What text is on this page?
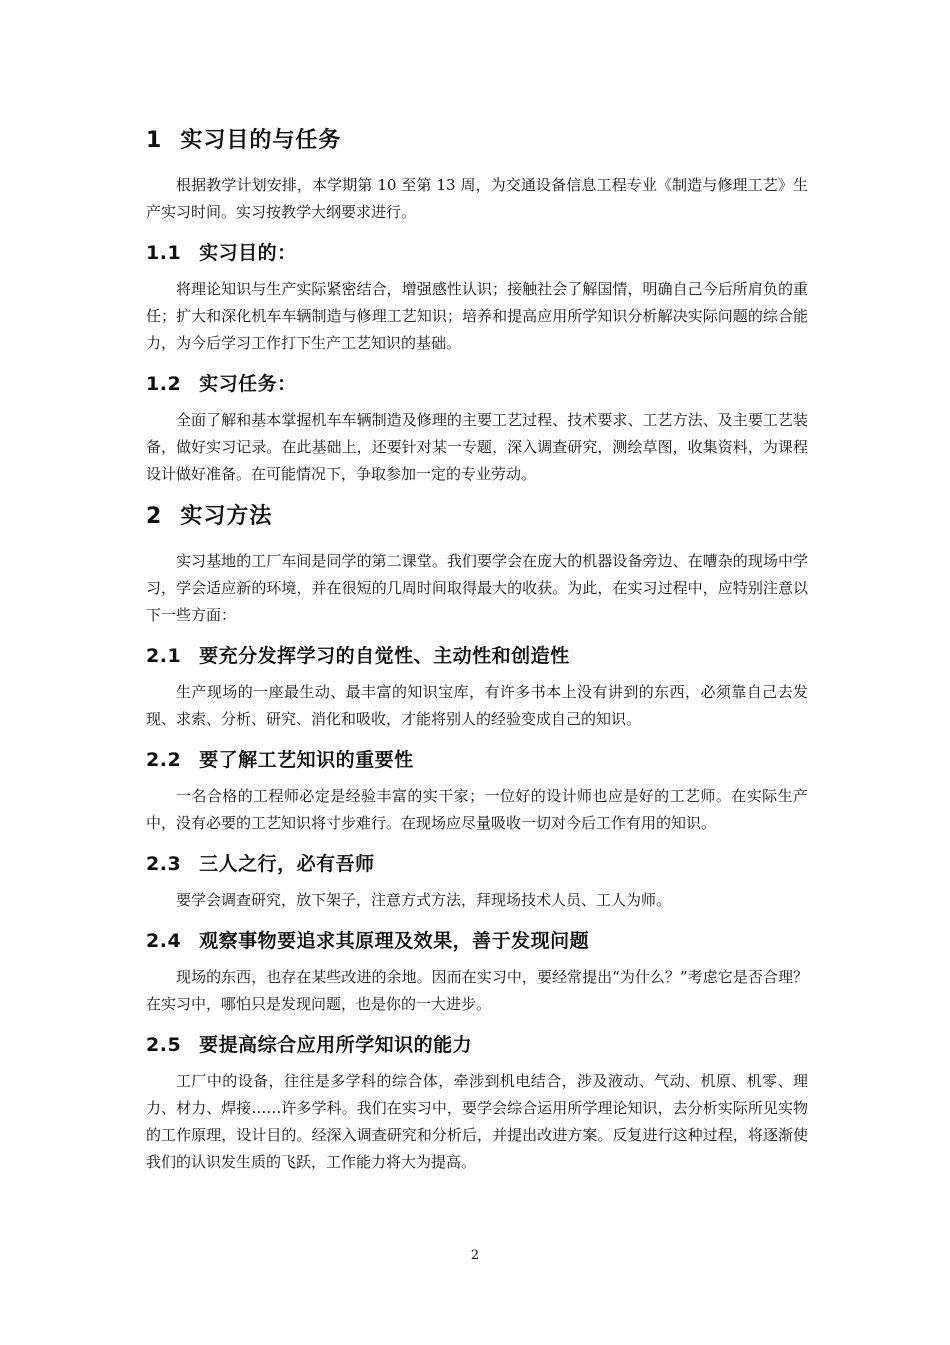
1 实习目的与任务

根据教学计划安排，本学期第 10 至第 13 周，为交通设备信息工程专业《制造与修理工艺》生产实习时间。实习按教学大纲要求进行。

1.1 实习目的：

将理论知识与生产实际紧密结合，增强感性认识；接触社会了解国情，明确自己今后所肩负的重任；扩大和深化机车车辆制造与修理工艺知识；培养和提高应用所学知识分析解决实际问题的综合能力，为今后学习工作打下生产工艺知识的基础。

1.2 实习任务：

全面了解和基本掌握机车车辆制造及修理的主要工艺过程、技术要求、工艺方法、及主要工艺装备，做好实习记录。在此基础上，还要针对某一专题，深入调查研究，测绘草图，收集资料，为课程设计做好准备。在可能情况下，争取参加一定的专业劳动。

2 实习方法

实习基地的工厂车间是同学的第二课堂。我们要学会在庞大的机器设备旁边、在嘈杂的现场中学习，学会适应新的环境，并在很短的几周时间取得最大的收获。为此，在实习过程中，应特别注意以下一些方面：

2.1 要充分发挥学习的自觉性、主动性和创造性

生产现场的一座最生动、最丰富的知识宝库，有许多书本上没有讲到的东西，必须靠自己去发现、求索、分析、研究、消化和吸收，才能将别人的经验变成自己的知识。

2.2 要了解工艺知识的重要性

一名合格的工程师必定是经验丰富的实干家；一位好的设计师也应是好的工艺师。在实际生产中，没有必要的工艺知识将寸步难行。在现场应尽量吸收一切对今后工作有用的知识。

2.3 三人之行，必有吾师

要学会调查研究，放下架子，注意方式方法，拜现场技术人员、工人为师。

2.4 观察事物要追求其原理及效果，善于发现问题

现场的东西，也存在某些改进的余地。因而在实习中，要经常提出“为什么？”考虑它是否合理？在实习中，哪怕只是发现问题，也是你的一大进步。

2.5 要提高综合应用所学知识的能力

工厂中的设备，往往是多学科的综合体，牵涉到机电结合，涉及液动、气动、机原、机零、理力、材力、焊接……许多学科。我们在实习中，要学会综合运用所学理论知识，去分析实际所见实物的工作原理，设计目的。经深入调查研究和分析后，并提出改进方案。反复进行这种过程，将逐渐使我们的认识发生质的飞跃，工作能力将大为提高。

2
